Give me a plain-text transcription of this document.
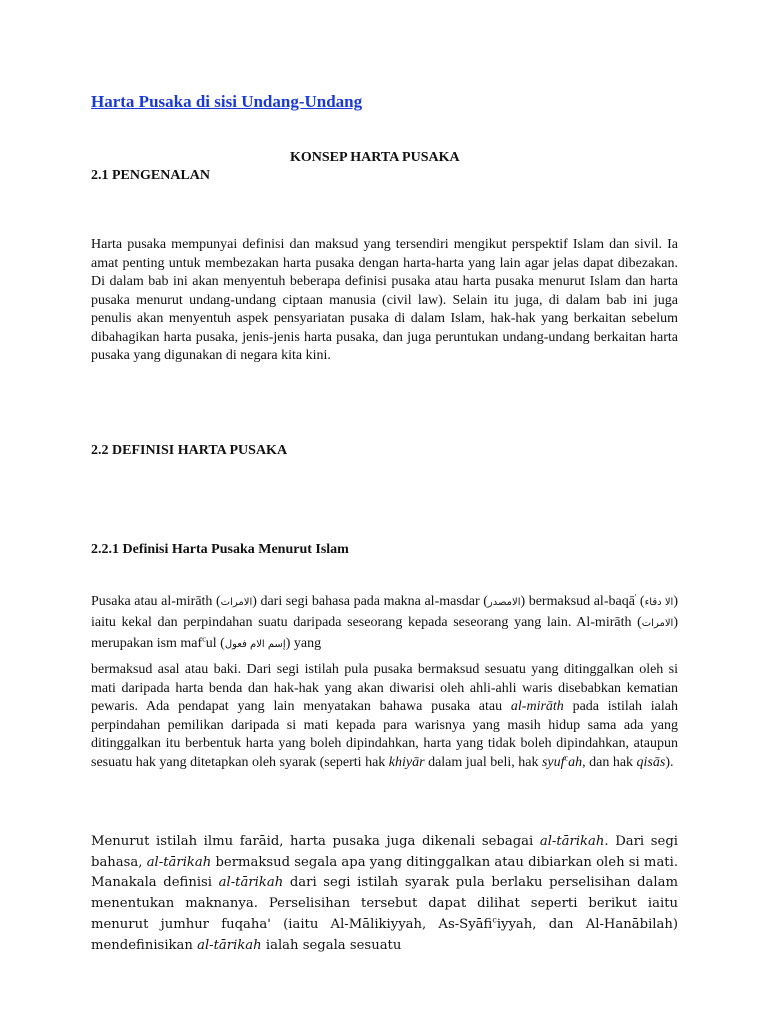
Harta Pusaka di sisi Undang-Undang
KONSEP HARTA PUSAKA
2.1 PENGENALAN

Harta pusaka mempunyai definisi dan maksud yang tersendiri mengikut perspektif Islam dan sivil. Ia amat penting untuk membezakan harta pusaka dengan harta-harta yang lain agar jelas dapat dibezakan. Di dalam bab ini akan menyentuh beberapa definisi pusaka atau harta pusaka menurut Islam dan harta pusaka menurut undang-undang ciptaan manusia (civil law). Selain itu juga, di dalam bab ini juga penulis akan menyentuh aspek pensyariatan pusaka di dalam Islam, hak-hak yang berkaitan sebelum dibahagikan harta pusaka, jenis-jenis harta pusaka, dan juga peruntukan undang-undang berkaitan harta pusaka yang digunakan di negara kita kini.

2.2 DEFINISI HARTA PUSAKA
2.2.1 Definisi Harta Pusaka Menurut Islam

Pusaka atau al-mirāth (الامرات) dari segi bahasa pada makna al-masdar (الامصدر) bermaksud al-baqā' (الا دقاء) iaitu kekal dan perpindahan suatu daripada seseorang kepada seseorang yang lain. Al-mirāth (الامرات) merupakan ism maf$^c$ul (إسم الام فعول) yang

bermaksud asal atau baki. Dari segi istilah pula pusaka bermaksud sesuatu yang ditinggalkan oleh si mati daripada harta benda dan hak-hak yang akan diwarisi oleh ahli-ahli waris disebabkan kematian pewaris. Ada pendapat yang lain menyatakan bahawa pusaka atau al-mirāth pada istilah ialah perpindahan pemilikan daripada si mati kepada para warisnya yang masih hidup sama ada yang ditinggalkan itu berbentuk harta yang boleh dipindahkan, harta yang tidak boleh dipindahkan, ataupun sesuatu hak yang ditetapkan oleh syarak (seperti hak khiyār dalam jual beli, hak syuf$^c$ah, dan hak qisās).

Menurut istilah ilmu farāid, harta pusaka juga dikenali sebagai al-tārikah. Dari segi bahasa, al-tārikah bermaksud segala apa yang ditinggalkan atau dibiarkan oleh si mati. Manakala definisi al-tārikah dari segi istilah syarak pula berlaku perselisihan dalam menentukan maknanya. Perselisihan tersebut dapat dilihat seperti berikut iaitu menurut jumhur fuqaha' (iaitu Al-Mālikiyyah, As-Syāfi$^c$iyyah, dan Al-Hanābilah) mendefinisikan al-tārikah ialah segala sesuatu
